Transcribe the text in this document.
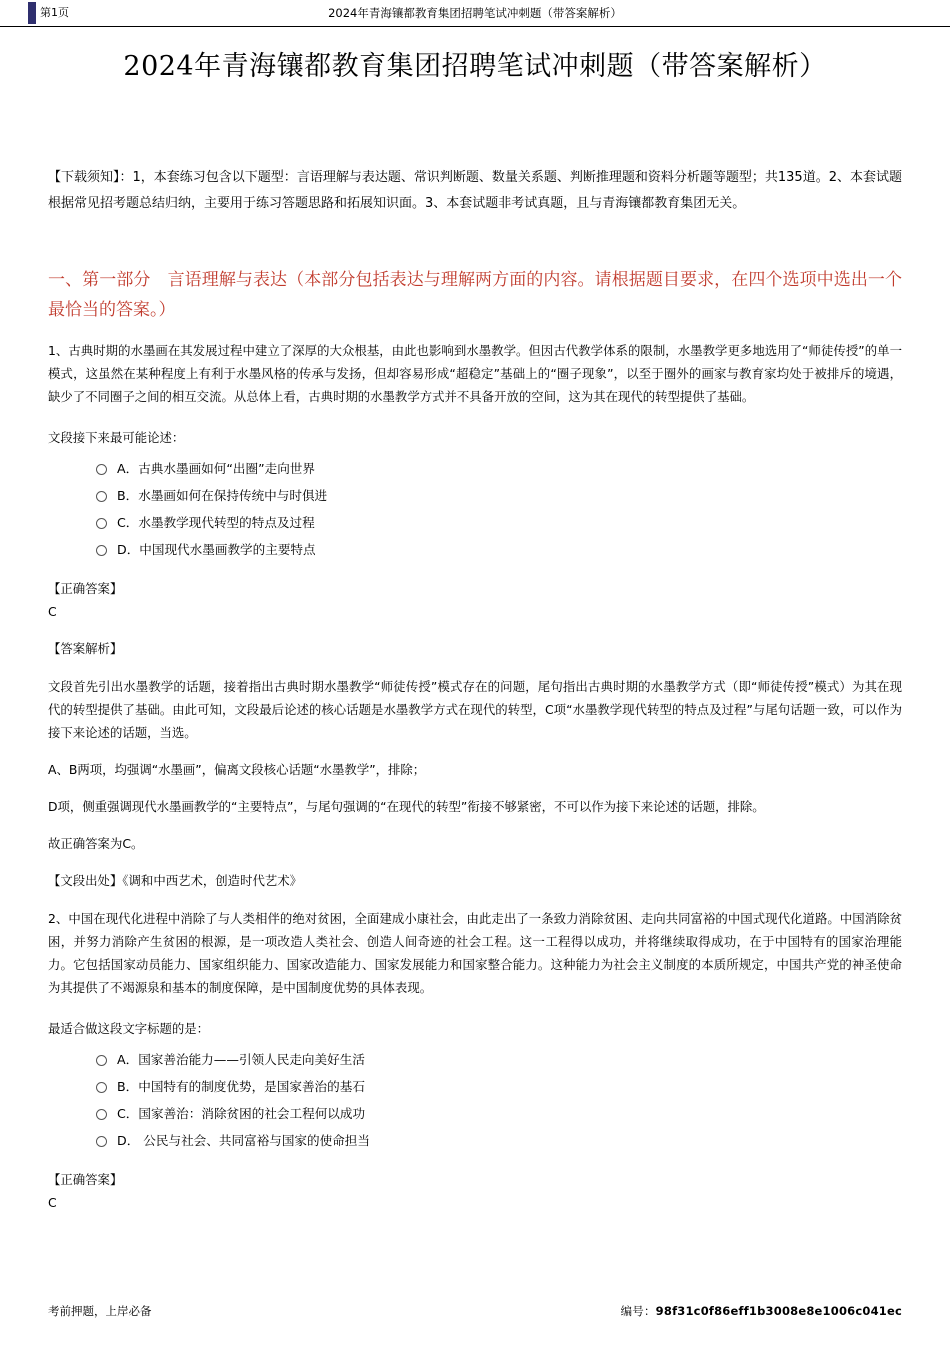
第1页	2024年青海镶都教育集团招聘笔试冲刺题（带答案解析）
2024年青海镶都教育集团招聘笔试冲刺题（带答案解析）
【下载须知】：1，本套练习包含以下题型：言语理解与表达题、常识判断题、数量关系题、判断推理题和资料分析题等题型；共135道。2、本套试题根据常见招考题总结归纳，主要用于练习答题思路和拓展知识面。3、本套试题非考试真题，且与青海镶都教育集团无关。
一、第一部分　言语理解与表达（本部分包括表达与理解两方面的内容。请根据题目要求，在四个选项中选出一个最恰当的答案。）
1、古典时期的水墨画在其发展过程中建立了深厚的大众根基，由此也影响到水墨教学。但因古代教学体系的限制，水墨教学更多地选用了“师徒传授”的单一模式，这虽然在某种程度上有利于水墨风格的传承与发扬，但却容易形成“超稳定”基础上的“圈子现象”，以至于圈外的画家与教育家均处于被排斥的境遇，缺少了不同圈子之间的相互交流。从总体上看，古典时期的水墨教学方式并不具备开放的空间，这为其在现代的转型提供了基础。
文段接下来最可能论述：
A．古典水墨画如何“出圈”走向世界
B．水墨画如何在保持传统中与时俱进
C．水墨教学现代转型的特点及过程
D．中国现代水墨画教学的主要特点
【正确答案】
C
【答案解析】
文段首先引出水墨教学的话题，接着指出古典时期水墨教学“师徒传授”模式存在的问题，尾句指出古典时期的水墨教学方式（即“师徒传授”模式）为其在现代的转型提供了基础。由此可知，文段最后论述的核心话题是水墨教学方式在现代的转型，C项“水墨教学现代转型的特点及过程”与尾句话题一致，可以作为接下来论述的话题，当选。
A、B两项，均强调“水墨画”，偏离文段核心话题“水墨教学”，排除；
D项，侧重强调现代水墨画教学的“主要特点”，与尾句强调的“在现代的转型”衔接不够紧密，不可以作为接下来论述的话题，排除。
故正确答案为C。
【文段出处】《调和中西艺术，创造时代艺术》
2、中国在现代化进程中消除了与人类相伴的绝对贫困，全面建成小康社会，由此走出了一条致力消除贫困、走向共同富裕的中国式现代化道路。中国消除贫困，并努力消除产生贫困的根源，是一项改造人类社会、创造人间奇迹的社会工程。这一工程得以成功，并将继续取得成功，在于中国特有的国家治理能力。它包括国家动员能力、国家组织能力、国家改造能力、国家发展能力和国家整合能力。这种能力为社会主义制度的本质所规定，中国共产党的神圣使命为其提供了不竭源泉和基本的制度保障，是中国制度优势的具体表现。
最适合做这段文字标题的是：
A．国家善治能力——引领人民走向美好生活
B．中国特有的制度优势，是国家善治的基石
C．国家善治：消除贫困的社会工程何以成功
D． 公民与社会、共同富裕与国家的使命担当
【正确答案】
C
考前押题，上岸必备	编号：98f31c0f86eff1b3008e8e1006c041ec
